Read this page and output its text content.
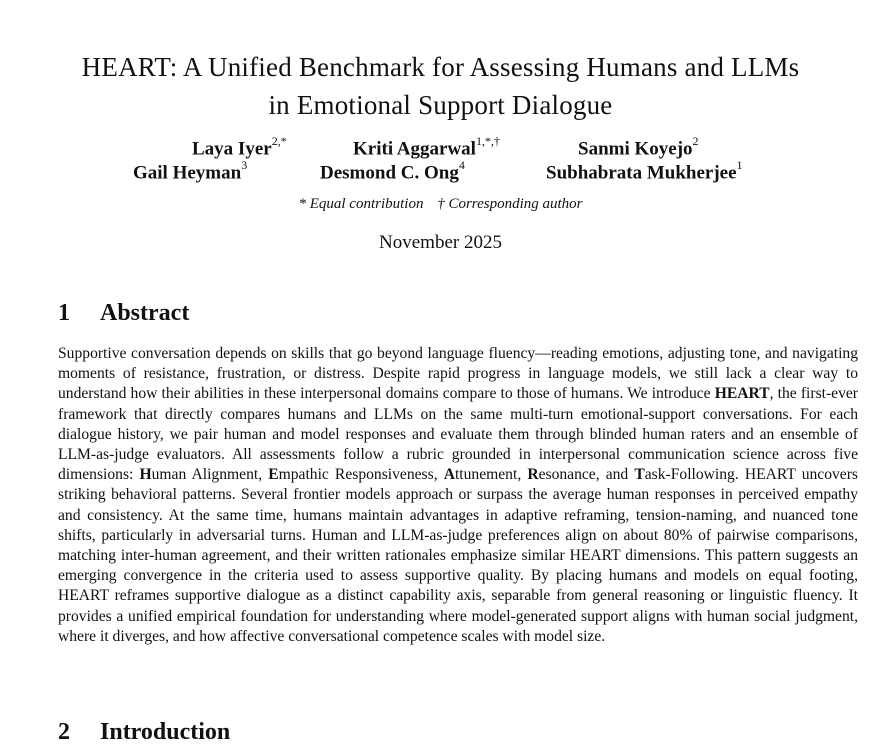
HEART: A Unified Benchmark for Assessing Humans and LLMs
in Emotional Support Dialogue
Laya Iyer$^{2,*}$	Kriti Aggarwal$^{1,*,\dagger}$	Sanmi Koyejo$^2$
Gail Heyman$^3$	Desmond C. Ong$^4$	Subhabrata Mukherjee$^1$
* Equal contribution † Corresponding author
November 2025
1 Abstract

Supportive conversation depends on skills that go beyond language fluency—reading emotions, adjusting tone, and navigating moments of resistance, frustration, or distress. Despite rapid progress in language models, we still lack a clear way to understand how their abilities in these interpersonal domains compare to those of humans. We introduce HEART, the first-ever framework that directly compares humans and LLMs on the same multi-turn emotional-support conversations. For each dialogue history, we pair human and model responses and evaluate them through blinded human raters and an ensemble of LLM-as-judge evaluators. All assessments follow a rubric grounded in interpersonal communication science across five dimensions: Human Alignment, Empathic Responsiveness, Attunement, Resonance, and Task-Following. HEART uncovers striking behavioral patterns. Several frontier models approach or surpass the average human responses in perceived empathy and consistency. At the same time, humans maintain advantages in adaptive reframing, tension-naming, and nuanced tone shifts, particularly in adversarial turns. Human and LLM-as-judge preferences align on about 80% of pairwise comparisons, matching inter-human agreement, and their written rationales emphasize similar HEART dimensions. This pattern suggests an emerging convergence in the criteria used to assess supportive quality. By placing humans and models on equal footing, HEART reframes supportive dialogue as a distinct capability axis, separable from general reasoning or linguistic fluency. It provides a unified empirical foundation for understanding where model-generated support aligns with human social judgment, where it diverges, and how affective conversational competence scales with model size.

2 Introduction
